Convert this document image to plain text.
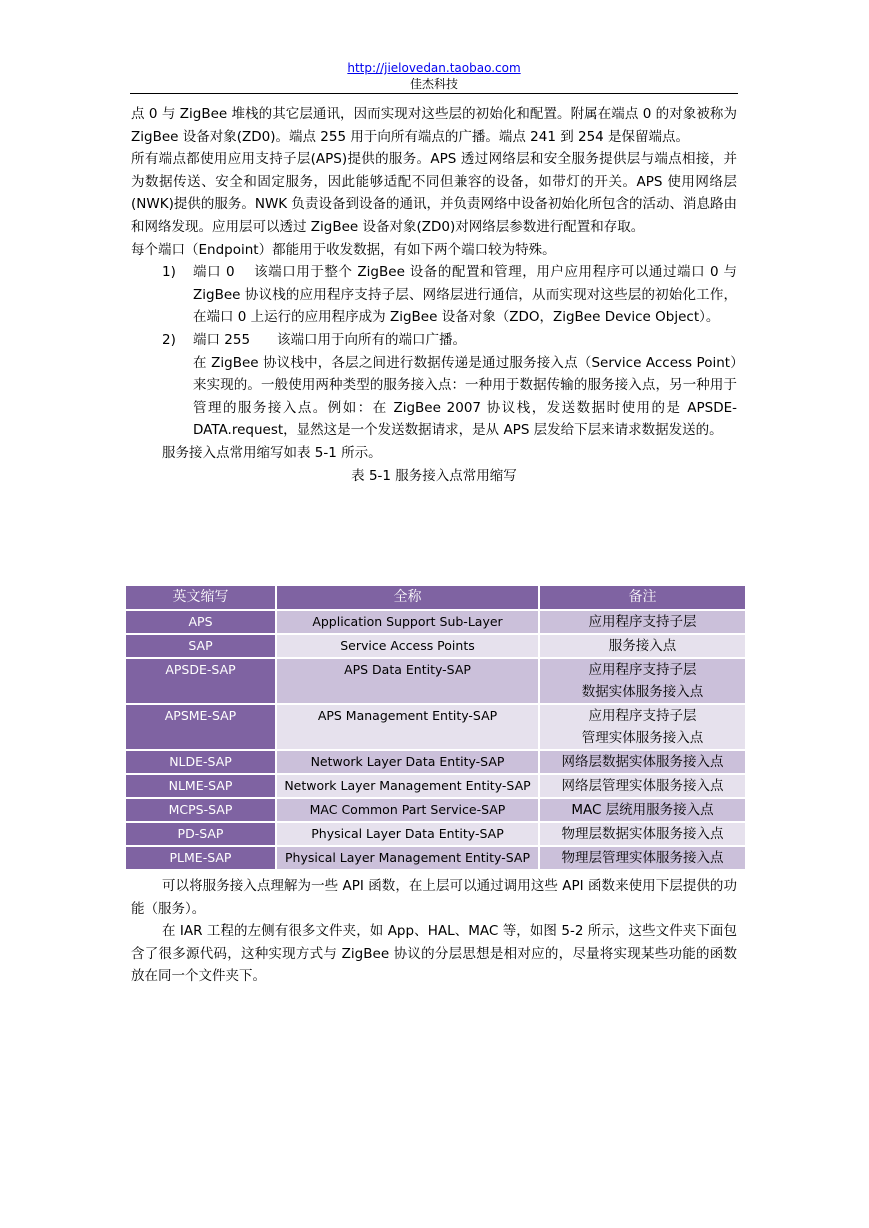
http://jielovedan.taobao.com
佳杰科技

点 0 与 ZigBee 堆栈的其它层通讯，因而实现对这些层的初始化和配置。附属在端点 0 的对象被称为 ZigBee 设备对象(ZD0)。端点 255 用于向所有端点的广播。端点 241 到 254 是保留端点。

所有端点都使用应用支持子层(APS)提供的服务。APS 透过网络层和安全服务提供层与端点相接，并为数据传送、安全和固定服务，因此能够适配不同但兼容的设备，如带灯的开关。APS 使用网络层(NWK)提供的服务。NWK 负责设备到设备的通讯，并负责网络中设备初始化所包含的活动、消息路由和网络发现。应用层可以透过 ZigBee 设备对象(ZD0)对网络层参数进行配置和存取。

每个端口（Endpoint）都能用于收发数据，有如下两个端口较为特殊。

1) 端口 0　 该端口用于整个 ZigBee 设备的配置和管理，用户应用程序可以通过端口 0 与 ZigBee 协议栈的应用程序支持子层、网络层进行通信，从而实现对这些层的初始化工作，在端口 0 上运行的应用程序成为 ZigBee 设备对象（ZDO，ZigBee Device Object）。
2) 端口 255　　该端口用于向所有的端口广播。

在 ZigBee 协议栈中，各层之间进行数据传递是通过服务接入点（Service Access Point）来实现的。一般使用两种类型的服务接入点：一种用于数据传输的服务接入点，另一种用于管理的服务接入点。例如：在 ZigBee 2007 协议栈，发送数据时使用的是 APSDE-DATA.request，显然这是一个发送数据请求，是从 APS 层发给下层来请求数据发送的。

服务接入点常用缩写如表 5-1 所示。

表 5-1 服务接入点常用缩写

英文缩写	全称	备注
APS	Application Support Sub-Layer	应用程序支持子层
SAP	Service Access Points	服务接入点
APSDE-SAP	APS Data Entity-SAP	应用程序支持子层
数据实体服务接入点

APSME-SAP	APS Management Entity-SAP	应用程序支持子层
管理实体服务接入点

NLDE-SAP	Network Layer Data Entity-SAP	网络层数据实体服务接入点
NLME-SAP	Network Layer Management Entity-SAP	网络层管理实体服务接入点
MCPS-SAP	MAC Common Part Service-SAP	MAC 层统用服务接入点
PD-SAP	Physical Layer Data Entity-SAP	物理层数据实体服务接入点
PLME-SAP	Physical Layer Management Entity-SAP	物理层管理实体服务接入点

可以将服务接入点理解为一些 API 函数，在上层可以通过调用这些 API 函数来使用下层提供的功能（服务）。

在 IAR 工程的左侧有很多文件夹，如 App、HAL、MAC 等，如图 5-2 所示，这些文件夹下面包含了很多源代码，这种实现方式与 ZigBee 协议的分层思想是相对应的，尽量将实现某些功能的函数放在同一个文件夹下。
